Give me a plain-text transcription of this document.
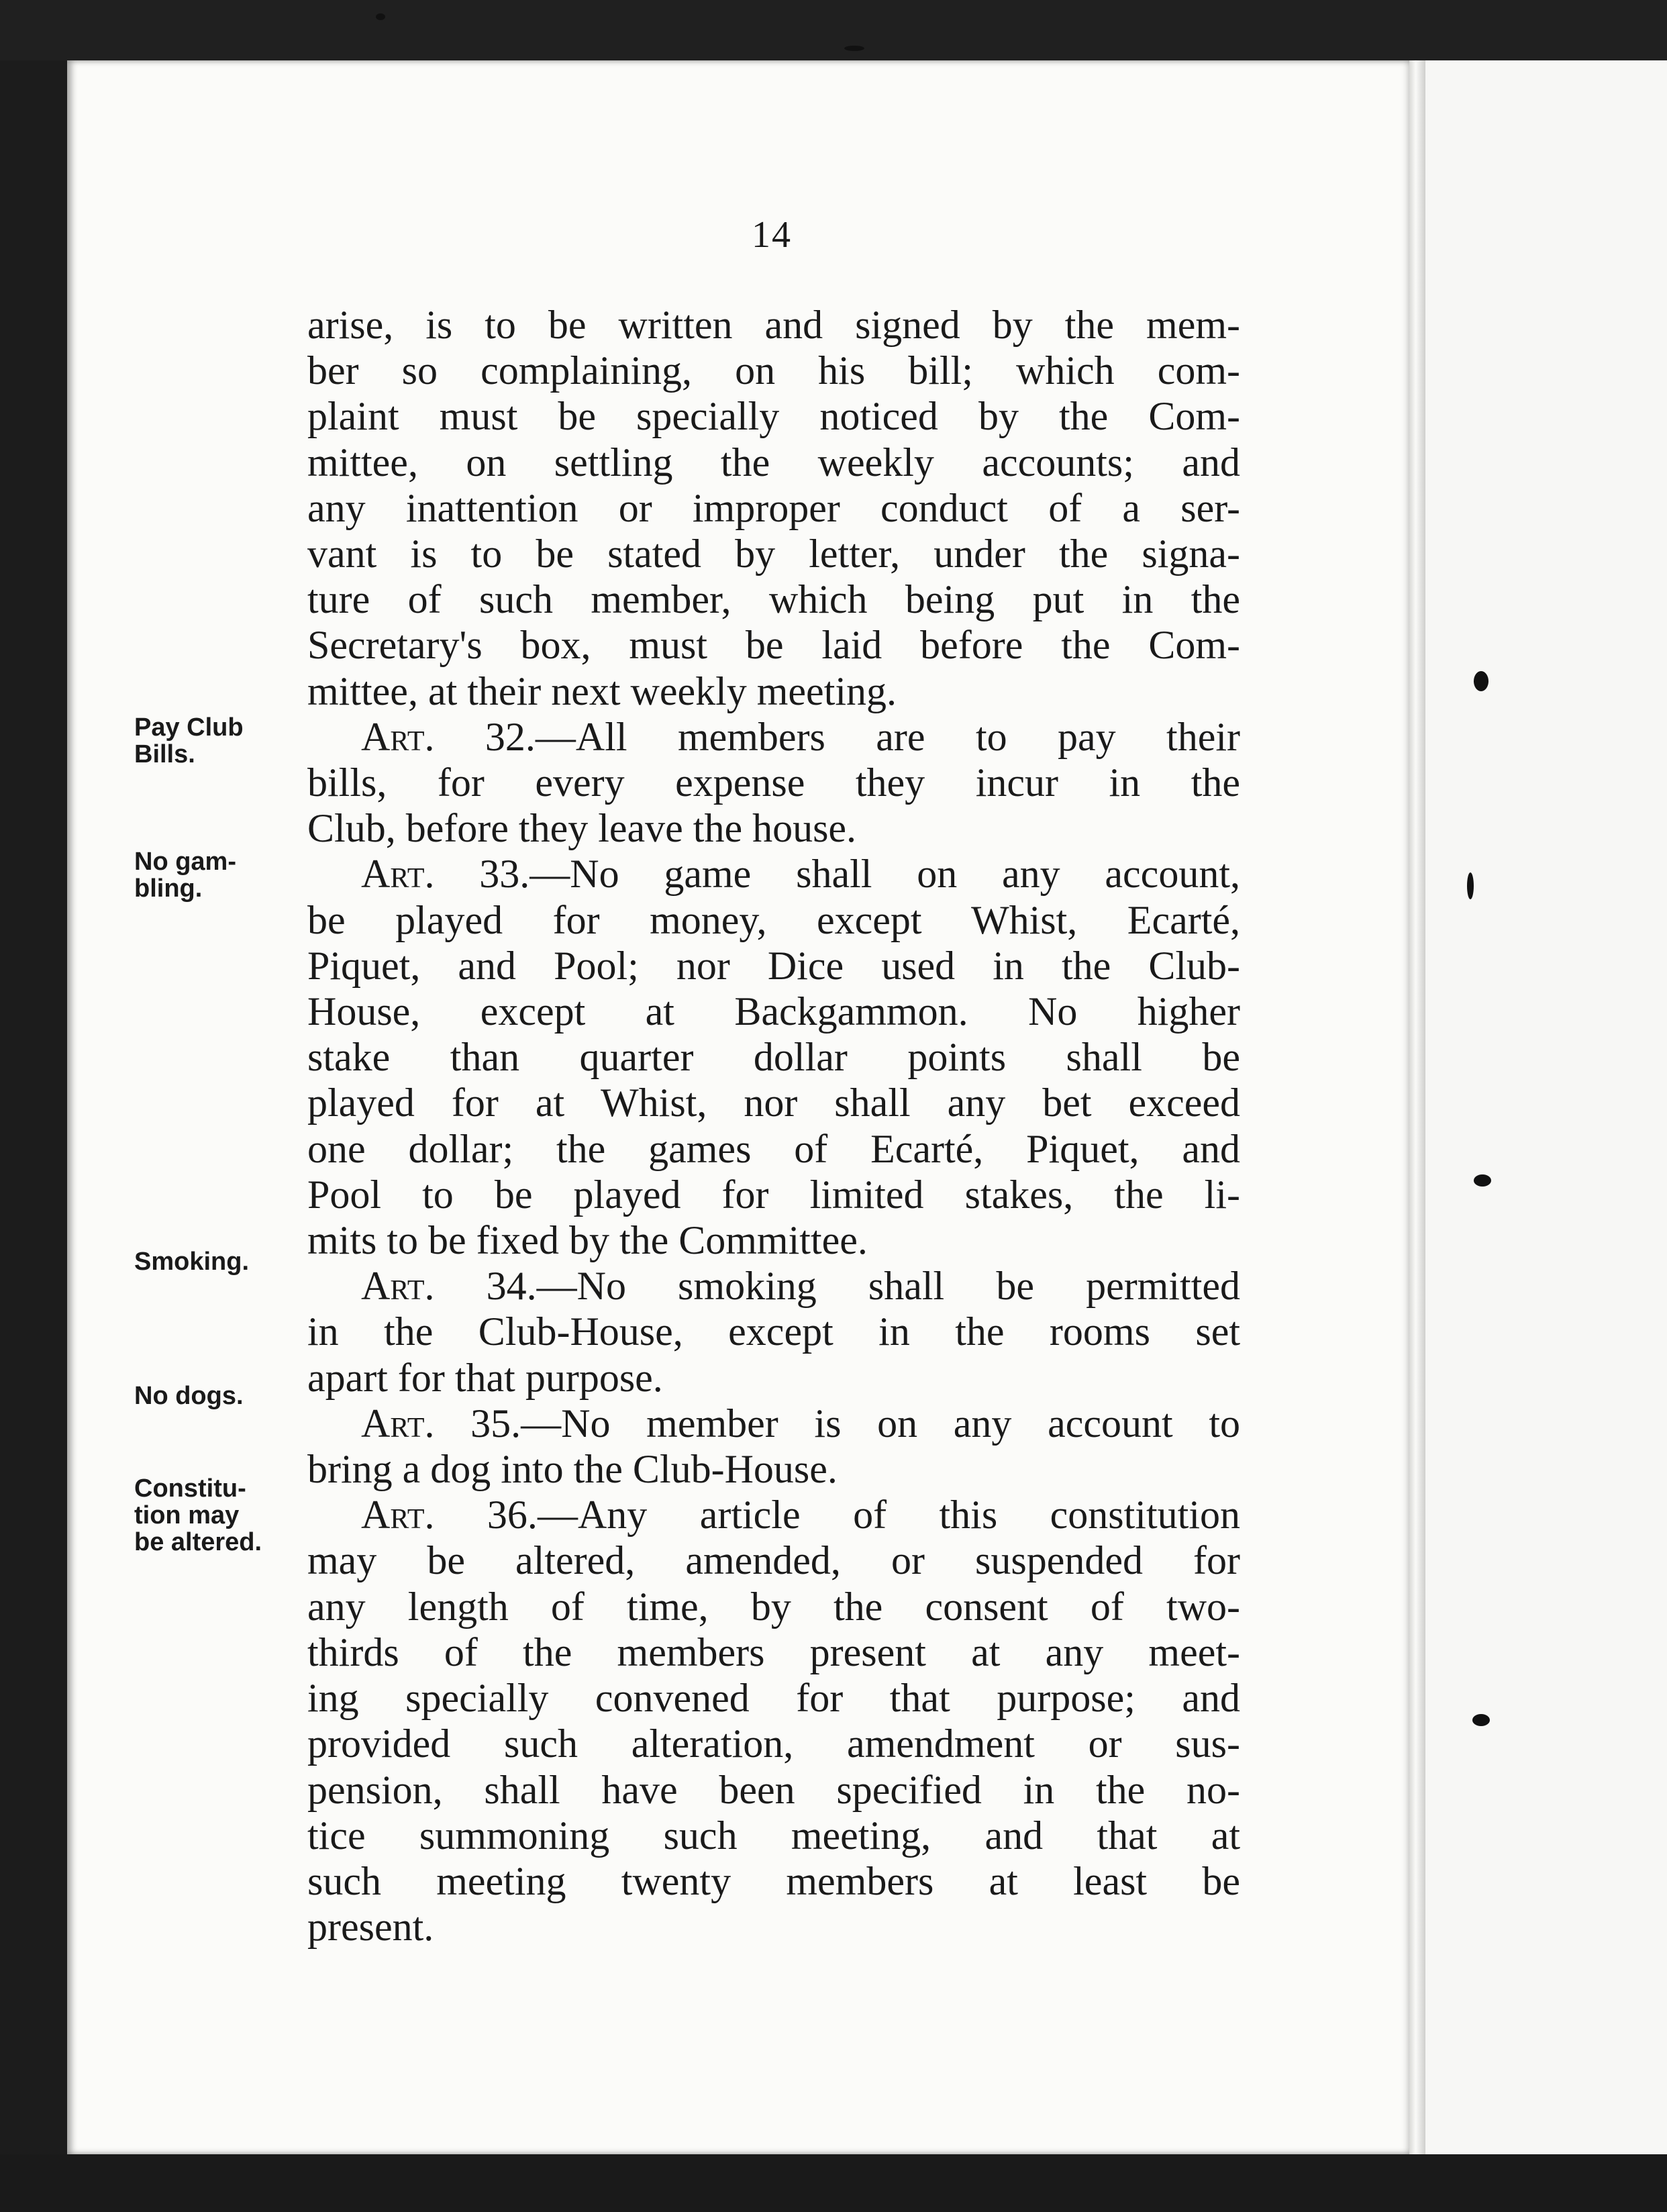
14
Pay Club
Bills.
No gam-
bling.
Smoking.
No dogs.
Constitu-
tion may
be altered.
arise, is to be written and signed by the mem-
ber so complaining, on his bill; which com-
plaint must be specially noticed by the Com-
mittee, on settling the weekly accounts; and
any inattention or improper conduct of a ser-
vant is to be stated by letter, under the signa-
ture of such member, which being put in the
Secretary's box, must be laid before the Com-
mittee, at their next weekly meeting.
Art. 32.—All members are to pay their
bills, for every expense they incur in the
Club, before they leave the house.
Art. 33.—No game shall on any account,
be played for money, except Whist, Ecarté,
Piquet, and Pool; nor Dice used in the Club-
House, except at Backgammon. No higher
stake than quarter dollar points shall be
played for at Whist, nor shall any bet exceed
one dollar; the games of Ecarté, Piquet, and
Pool to be played for limited stakes, the li-
mits to be fixed by the Committee.
Art. 34.—No smoking shall be permitted
in the Club-House, except in the rooms set
apart for that purpose.
Art. 35.—No member is on any account to
bring a dog into the Club-House.
Art. 36.—Any article of this constitution
may be altered, amended, or suspended for
any length of time, by the consent of two-
thirds of the members present at any meet-
ing specially convened for that purpose; and
provided such alteration, amendment or sus-
pension, shall have been specified in the no-
tice summoning such meeting, and that at
such meeting twenty members at least be
present.
